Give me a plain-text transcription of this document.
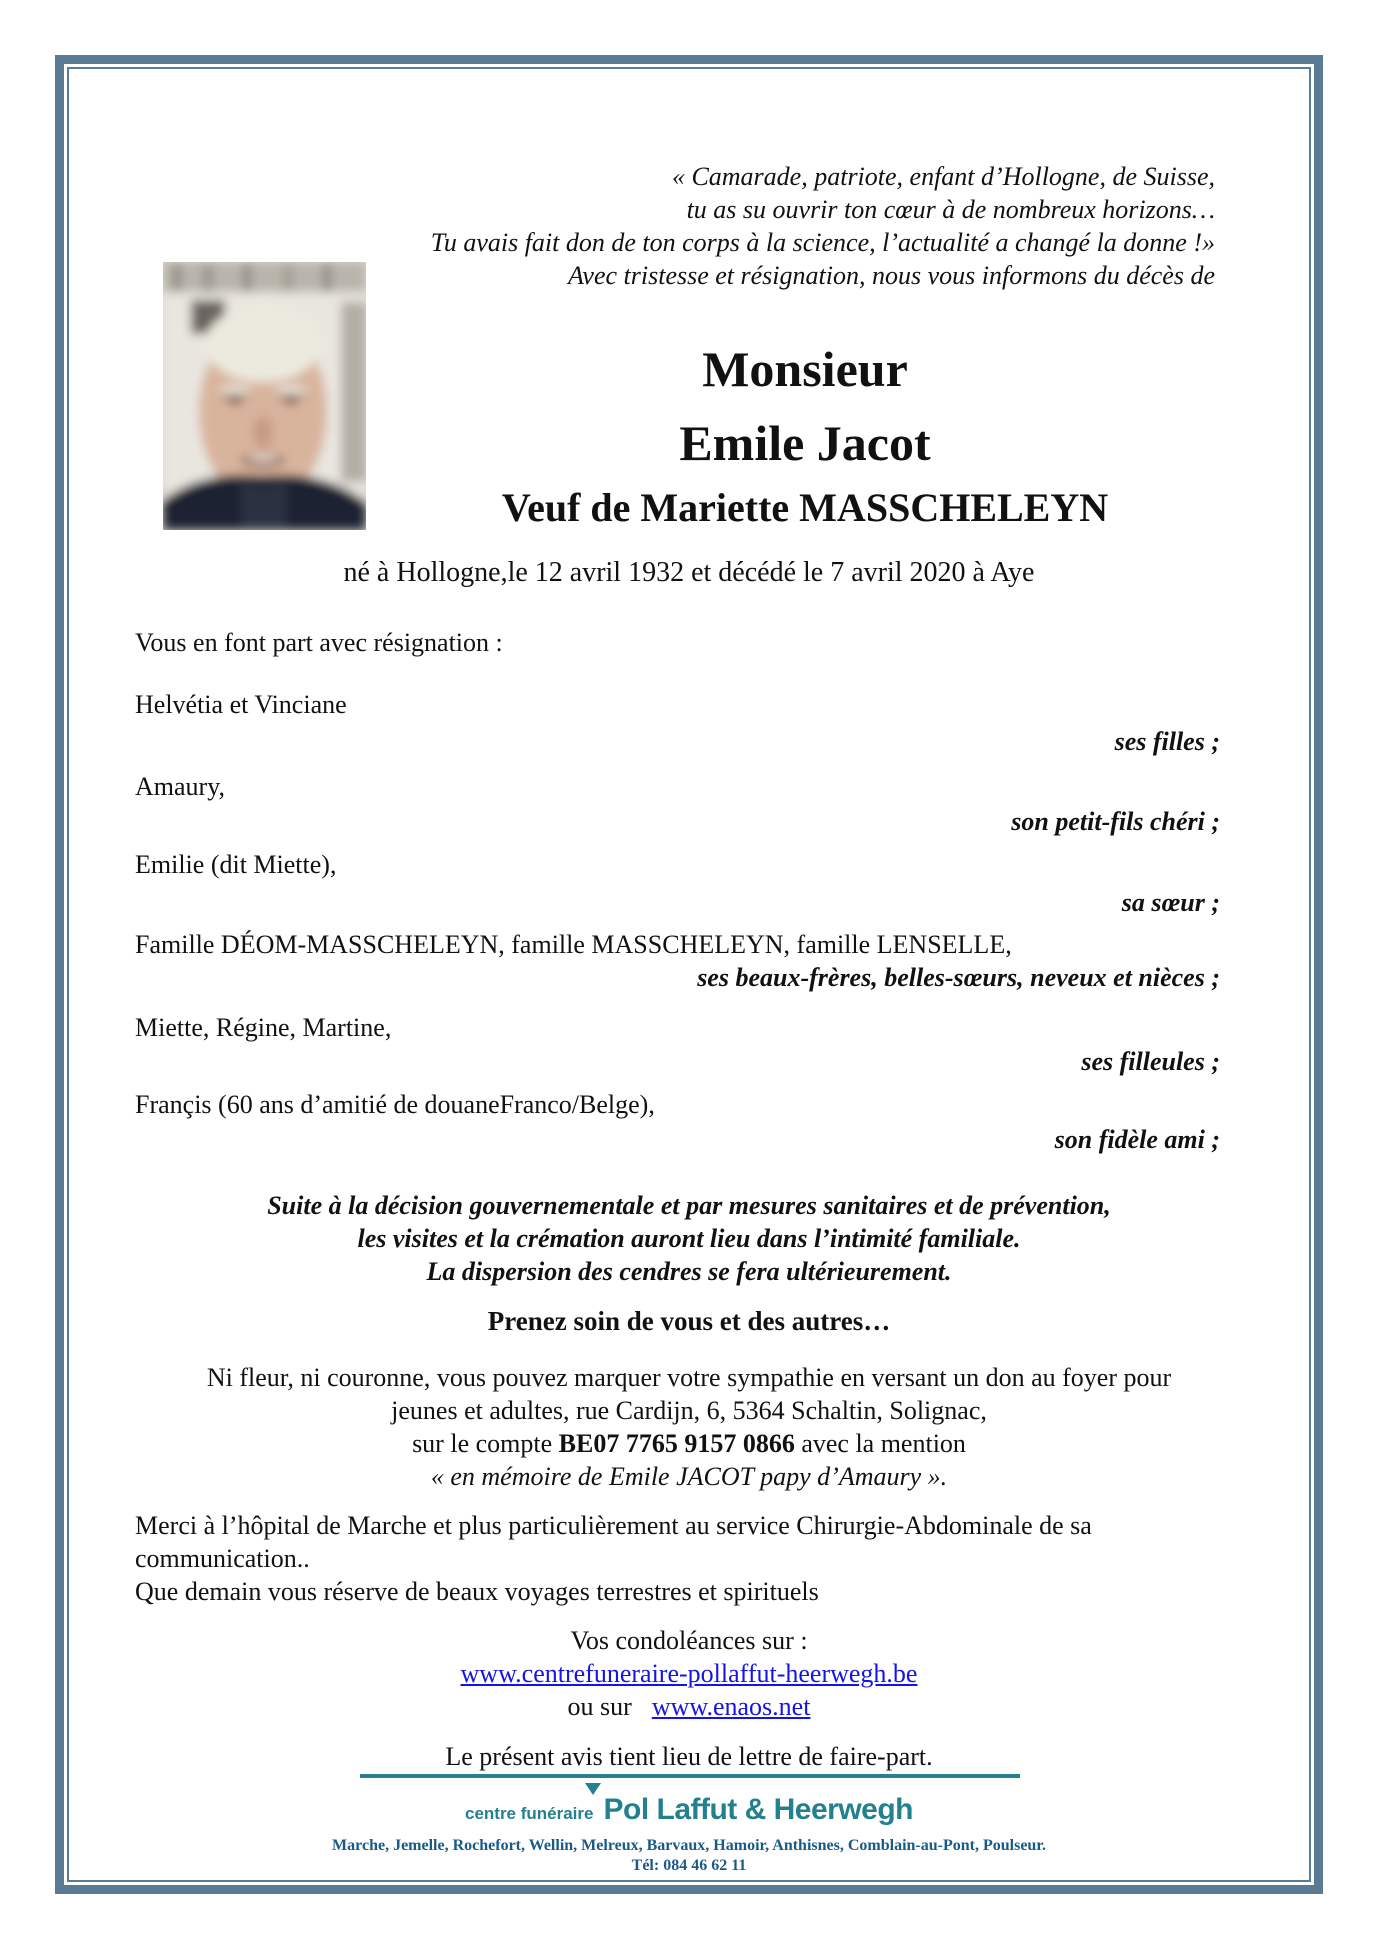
« Camarade, patriote, enfant d’Hollogne, de Suisse,
tu as su ouvrir ton cœur à de nombreux horizons…
Tu avais fait don de ton corps à la science, l’actualité a changé la donne !»
Avec tristesse et résignation, nous vous informons du décès de
Monsieur
Emile Jacot
Veuf de Mariette MASSCHELEYN
né à Hollogne,le 12 avril 1932 et décédé le 7 avril 2020 à Aye
Vous en font part avec résignation :
Helvétia et Vinciane
ses filles ;
Amaury,
son petit-fils chéri ;
Emilie (dit Miette),
sa sœur ;
Famille DÉOM-MASSCHELEYN, famille MASSCHELEYN, famille LENSELLE,
ses beaux-frères, belles-sœurs, neveux et nièces ;
Miette, Régine, Martine,
ses filleules ;
Françis (60 ans d’amitié de douaneFranco/Belge),
son fidèle ami ;
Suite à la décision gouvernementale et par mesures sanitaires et de prévention,
les visites et la crémation auront lieu dans l’intimité familiale.
La dispersion des cendres se fera ultérieurement.
Prenez soin de vous et des autres…
Ni fleur, ni couronne, vous pouvez marquer votre sympathie en versant un don au foyer pour
jeunes et adultes, rue Cardijn, 6, 5364 Schaltin, Solignac,
sur le compte BE07 7765 9157 0866 avec la mention
« en mémoire de Emile JACOT papy d’Amaury ».
Merci à l’hôpital de Marche et plus particulièrement au service Chirurgie-Abdominale de sa
communication..
Que demain vous réserve de beaux voyages terrestres et spirituels
Vos condoléances sur :
www.centrefuneraire-pollaffut-heerwegh.be
ou sur www.enaos.net
Le présent avis tient lieu de lettre de faire-part.
centre funéraire Pol Laffut & Heerwegh
Marche, Jemelle, Rochefort, Wellin, Melreux, Barvaux, Hamoir, Anthisnes, Comblain-au-Pont, Poulseur.
Tél: 084 46 62 11
